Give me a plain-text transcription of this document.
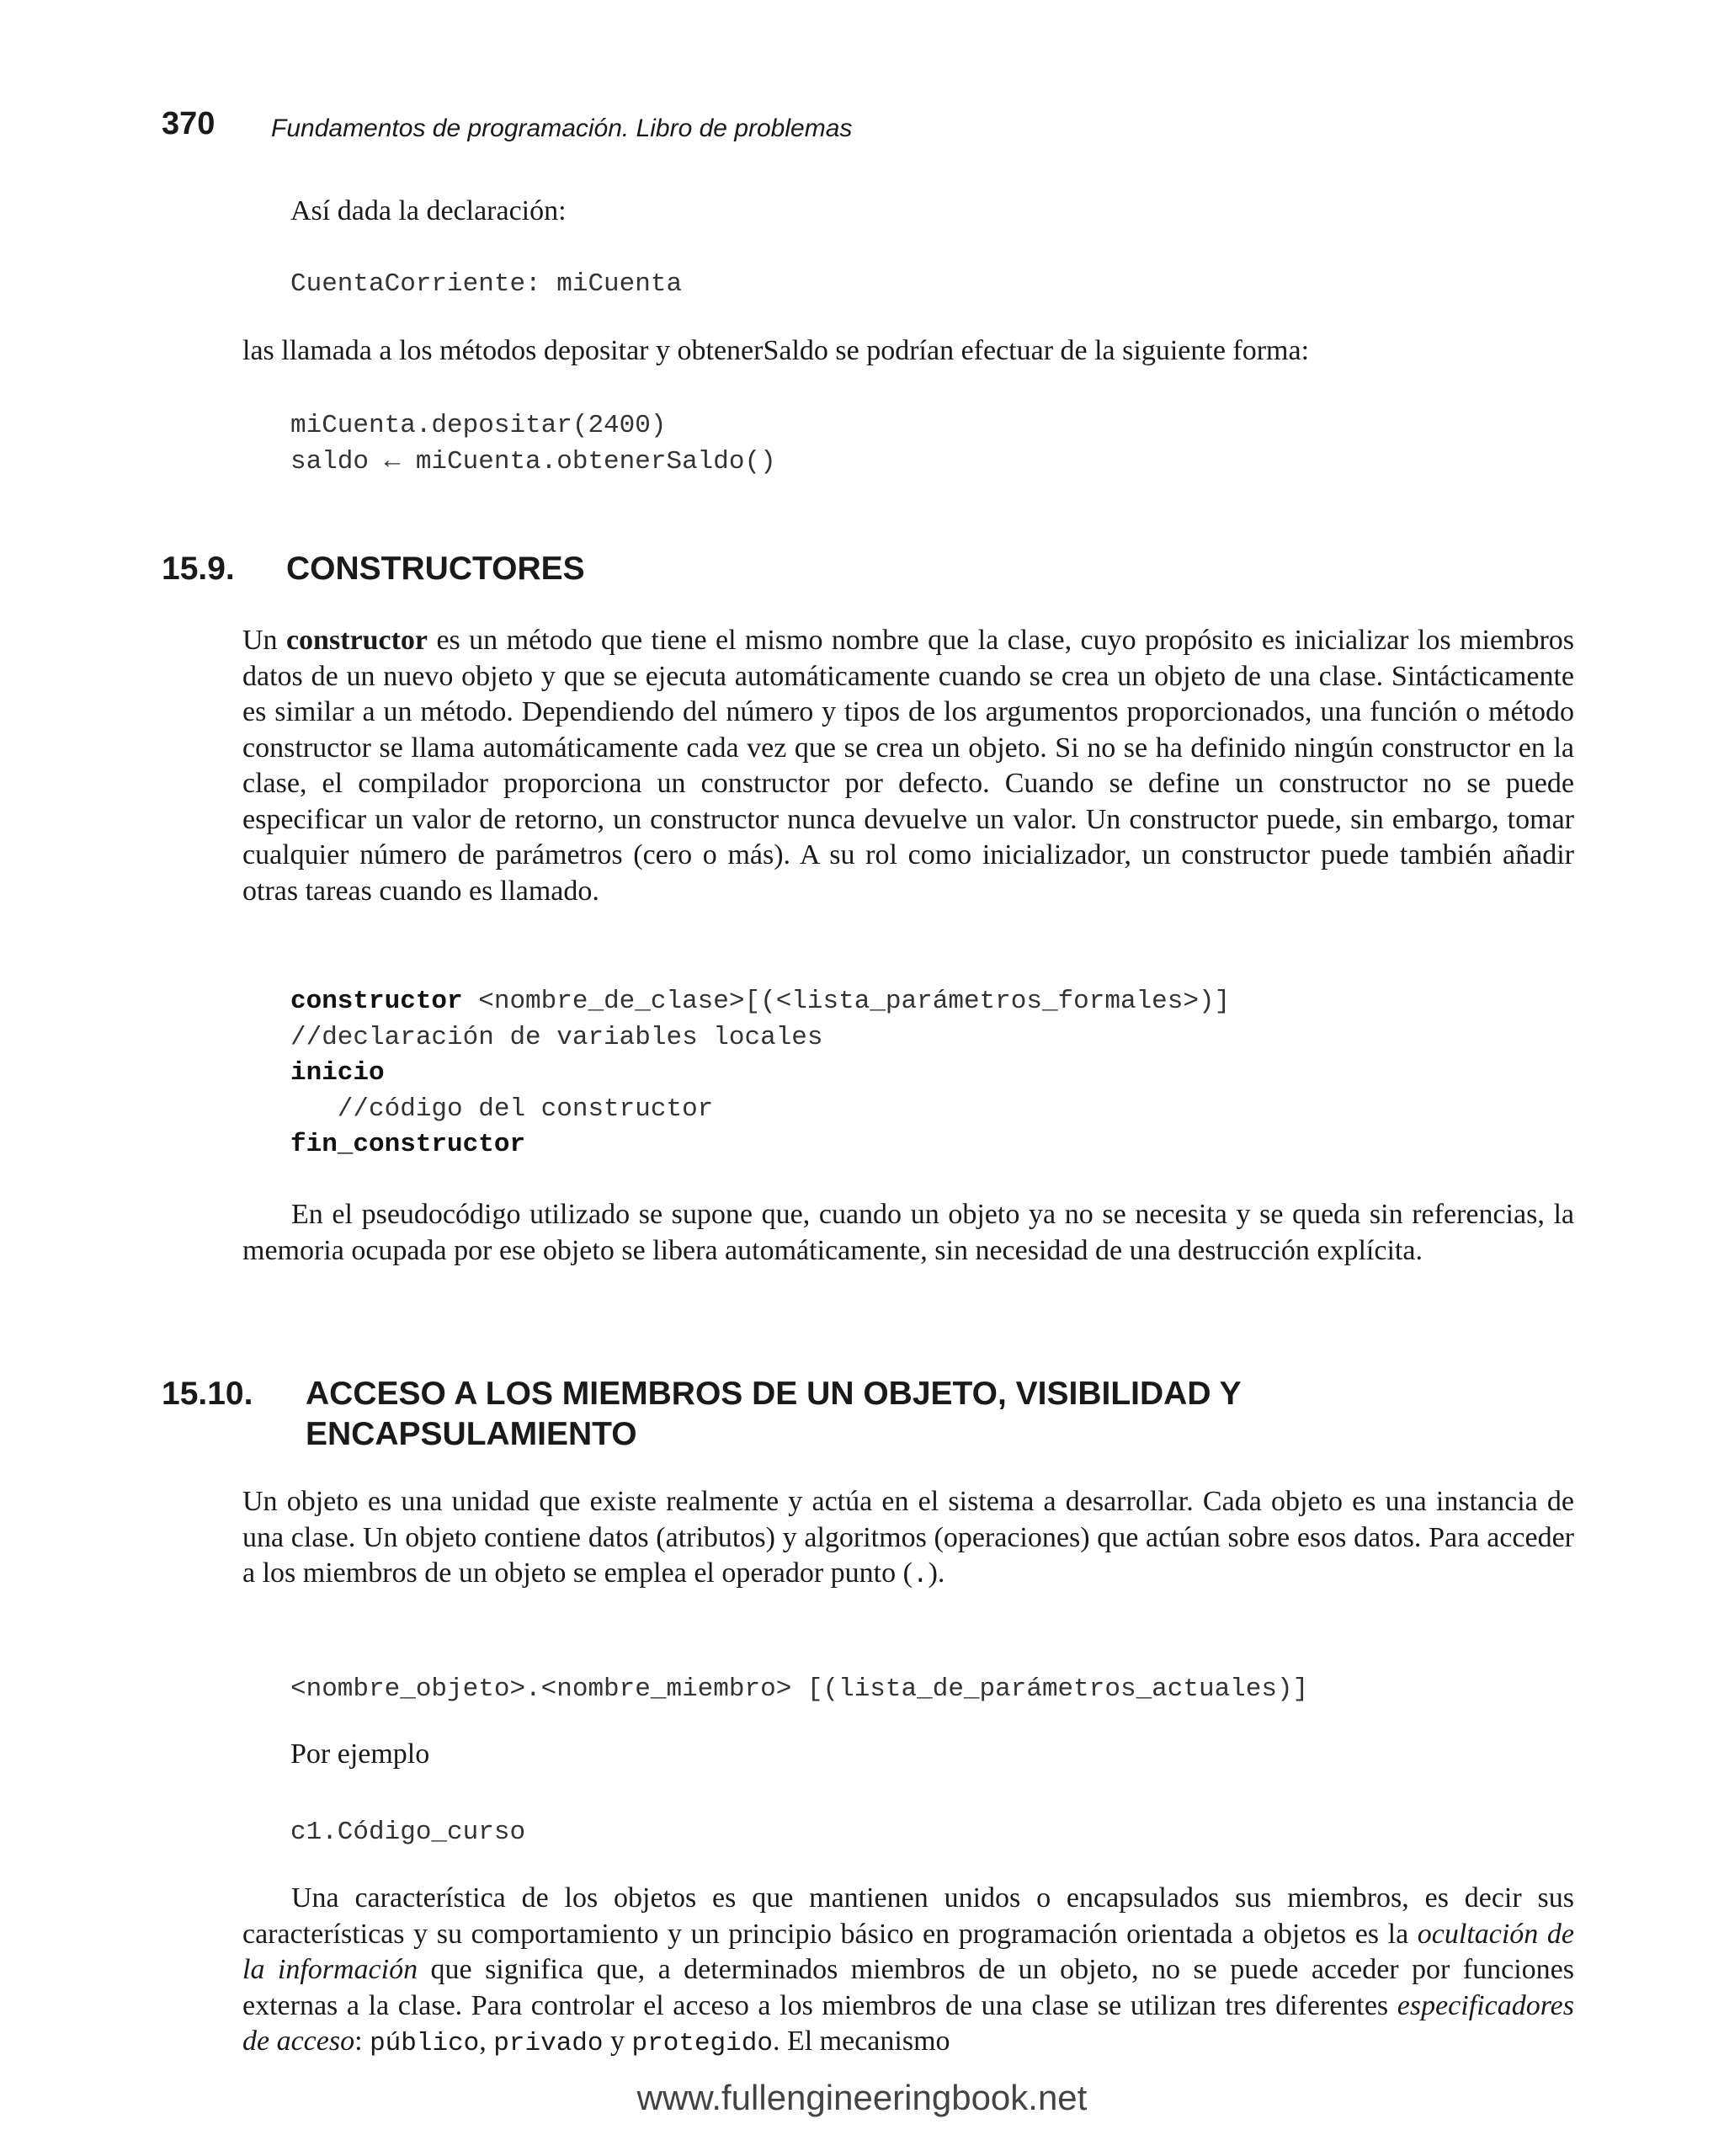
370 Fundamentos de programación. Libro de problemas

Así dada la declaración:

CuentaCorriente: miCuenta

las llamada a los métodos depositar y obtenerSaldo se podrían efectuar de la siguiente forma:

miCuenta.depositar(2400)
saldo ← miCuenta.obtenerSaldo()
15.9. CONSTRUCTORES

Un constructor es un método que tiene el mismo nombre que la clase, cuyo propósito es inicializar los miembros datos de un nuevo objeto y que se ejecuta automáticamente cuando se crea un objeto de una clase. Sintácticamente es similar a un método. Dependiendo del número y tipos de los argumentos proporcionados, una función o método constructor se llama automáticamente cada vez que se crea un objeto. Si no se ha definido ningún constructor en la clase, el compilador proporciona un constructor por defecto. Cuando se define un constructor no se puede especificar un valor de retorno, un constructor nunca devuelve un valor. Un constructor puede, sin embargo, tomar cualquier número de parámetros (cero o más). A su rol como inicializador, un constructor puede también añadir otras tareas cuando es llamado.

constructor <nombre_de_clase>[(<lista_parámetros_formales>)]
//declaración de variables locales
inicio
//código del constructor
fin_constructor

En el pseudocódigo utilizado se supone que, cuando un objeto ya no se necesita y se queda sin referencias, la memoria ocupada por ese objeto se libera automáticamente, sin necesidad de una destrucción explícita.

15.10. ACCESO A LOS MIEMBROS DE UN OBJETO, VISIBILIDAD Y
ENCAPSULAMIENTO

Un objeto es una unidad que existe realmente y actúa en el sistema a desarrollar. Cada objeto es una instancia de una clase. Un objeto contiene datos (atributos) y algoritmos (operaciones) que actúan sobre esos datos. Para acceder a los miembros de un objeto se emplea el operador punto (.).

<nombre_objeto>.<nombre_miembro> [(lista_de_parámetros_actuales)]

Por ejemplo

c1.Código_curso

Una característica de los objetos es que mantienen unidos o encapsulados sus miembros, es decir sus características y su comportamiento y un principio básico en programación orientada a objetos es la ocultación de la información que significa que, a determinados miembros de un objeto, no se puede acceder por funciones externas a la clase. Para controlar el acceso a los miembros de una clase se utilizan tres diferentes especificadores de acceso: público, privado y protegido. El mecanismo

www.fullengineeringbook.net
